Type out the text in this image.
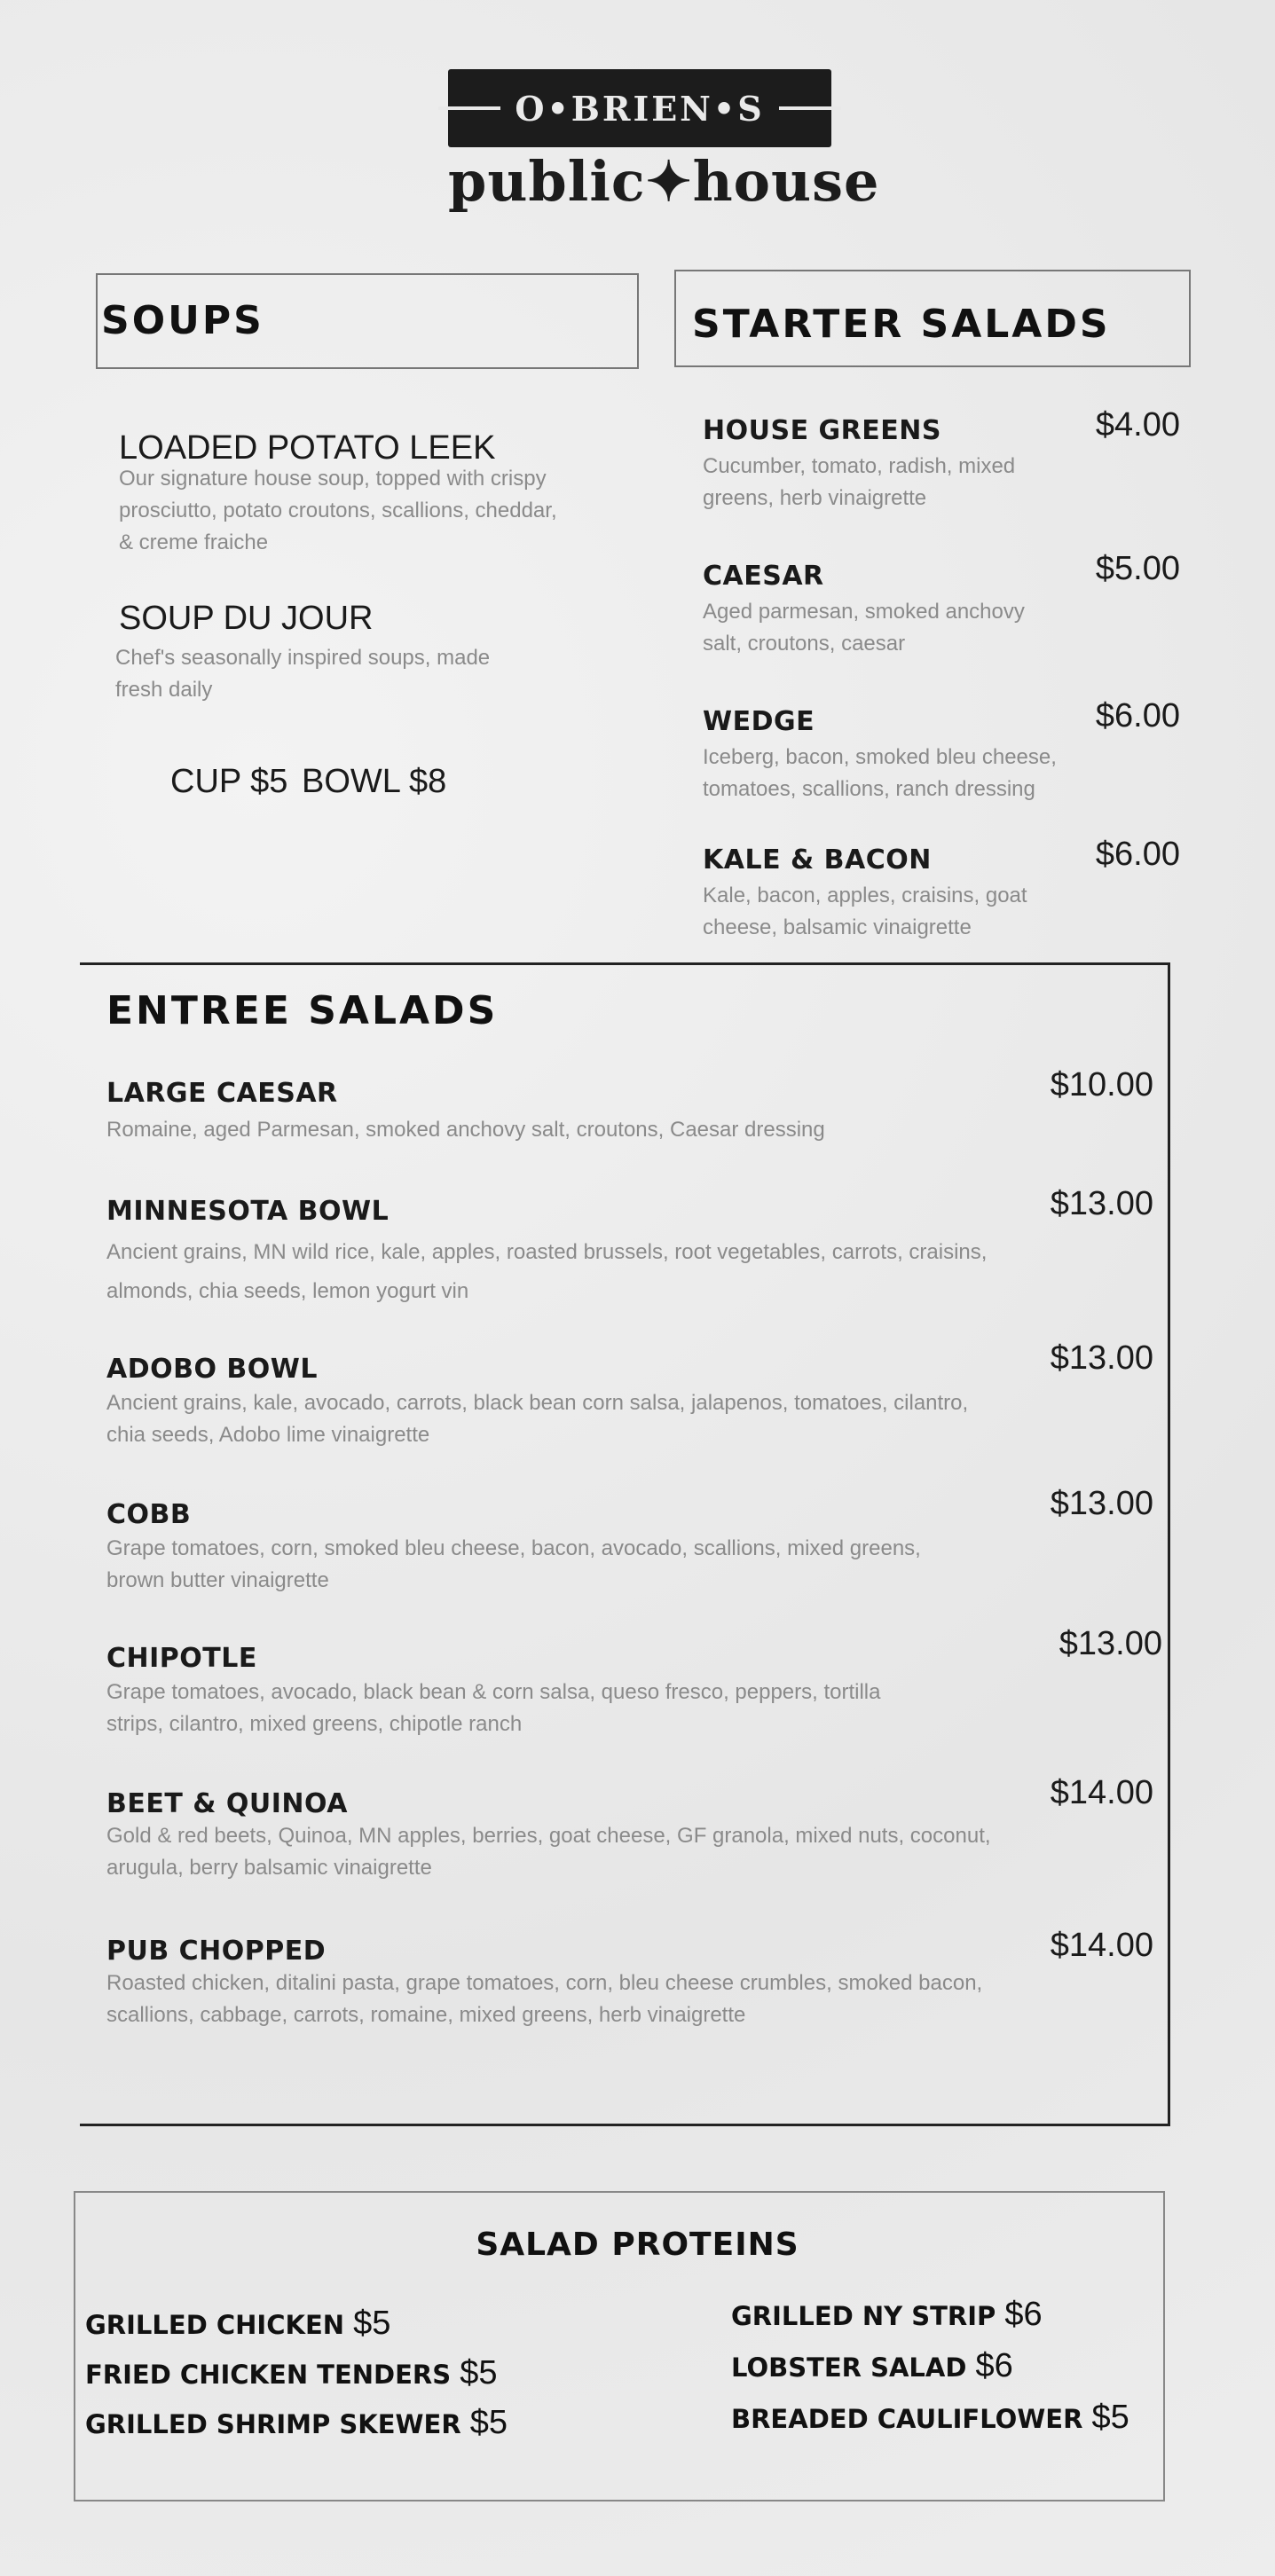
O•BRIEN•S
public✦house
SOUPS
LOADED POTATO LEEK
Our signature house soup, topped with crispy prosciutto, potato croutons, scallions, cheddar, & creme fraiche
SOUP DU JOUR
Chef's seasonally inspired soups, made fresh daily
CUP $5 BOWL $8
STARTER SALADS
HOUSE GREENS	$4.00
Cucumber, tomato, radish, mixed greens, herb vinaigrette
CAESAR	$5.00
Aged parmesan, smoked anchovy salt, croutons, caesar
WEDGE	$6.00
Iceberg, bacon, smoked bleu cheese, tomatoes, scallions, ranch dressing
KALE & BACON	$6.00
Kale, bacon, apples, craisins, goat cheese, balsamic vinaigrette
ENTREE SALADS
LARGE CAESAR	$10.00
Romaine, aged Parmesan, smoked anchovy salt, croutons, Caesar dressing
MINNESOTA BOWL	$13.00
Ancient grains, MN wild rice, kale, apples, roasted brussels, root vegetables, carrots, craisins, almonds, chia seeds, lemon yogurt vin
ADOBO BOWL	$13.00
Ancient grains, kale, avocado, carrots, black bean corn salsa, jalapenos, tomatoes, cilantro, chia seeds, Adobo lime vinaigrette
COBB	$13.00
Grape tomatoes, corn, smoked bleu cheese, bacon, avocado, scallions, mixed greens, brown butter vinaigrette
CHIPOTLE	$13.00
Grape tomatoes, avocado, black bean & corn salsa, queso fresco, peppers, tortilla strips, cilantro, mixed greens, chipotle ranch
BEET & QUINOA	$14.00
Gold & red beets, Quinoa, MN apples, berries, goat cheese, GF granola, mixed nuts, coconut, arugula, berry balsamic vinaigrette
PUB CHOPPED	$14.00
Roasted chicken, ditalini pasta, grape tomatoes, corn, bleu cheese crumbles, smoked bacon, scallions, cabbage, carrots, romaine, mixed greens, herb vinaigrette
SALAD PROTEINS
GRILLED CHICKEN $5
FRIED CHICKEN TENDERS $5
GRILLED SHRIMP SKEWER $5
GRILLED NY STRIP $6
LOBSTER SALAD $6
BREADED CAULIFLOWER $5
